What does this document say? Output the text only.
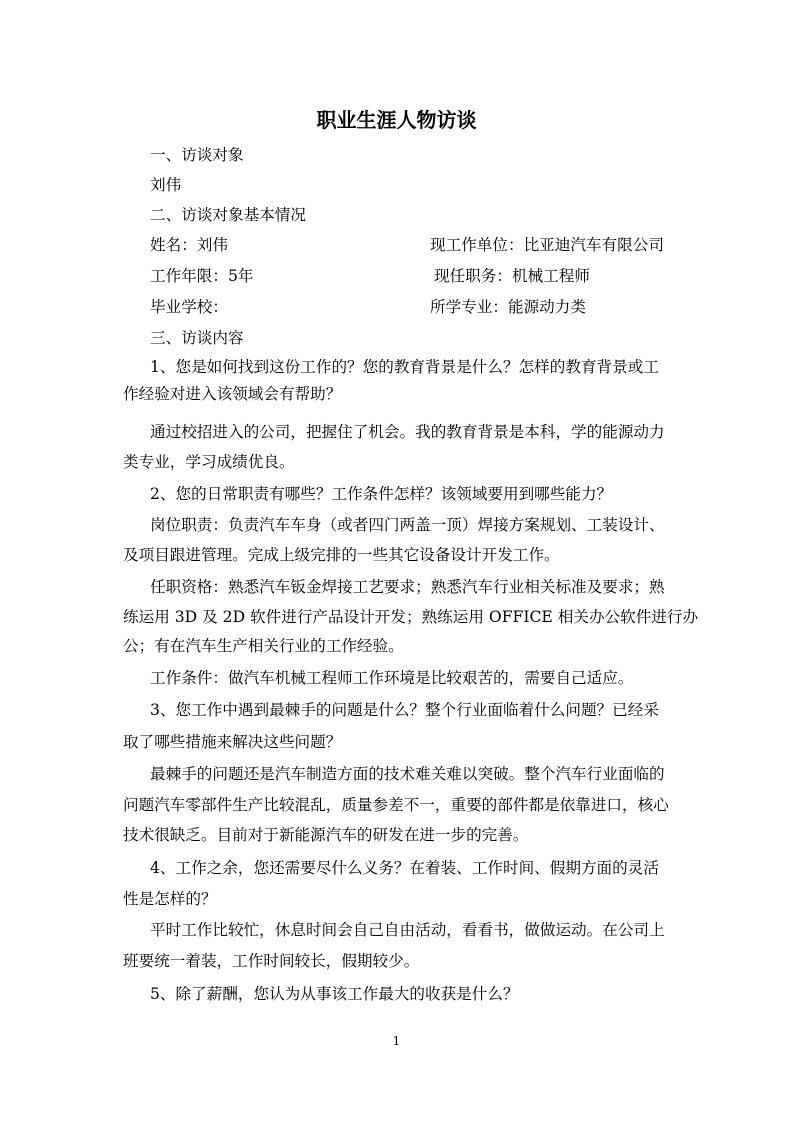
职业生涯人物访谈
一、访谈对象
刘伟
二、访谈对象基本情况
姓名：刘伟	现工作单位：比亚迪汽车有限公司
工作年限：5年	现任职务：机械工程师
毕业学校：	所学专业：能源动力类
三、访谈内容
1、您是如何找到这份工作的？您的教育背景是什么？怎样的教育背景或工
作经验对进入该领域会有帮助？
通过校招进入的公司，把握住了机会。我的教育背景是本科，学的能源动力
类专业，学习成绩优良。
2、您的日常职责有哪些？工作条件怎样？该领域要用到哪些能力？
岗位职责：负责汽车车身（或者四门两盖一顶）焊接方案规划、工装设计、
及项目跟进管理。完成上级完排的一些其它设备设计开发工作。
任职资格：熟悉汽车钣金焊接工艺要求；熟悉汽车行业相关标准及要求；熟
练运用 3D 及 2D 软件进行产品设计开发；熟练运用 OFFICE 相关办公软件进行办
公；有在汽车生产相关行业的工作经验。
工作条件：做汽车机械工程师工作环境是比较艰苦的，需要自己适应。
3、您工作中遇到最棘手的问题是什么？整个行业面临着什么问题？已经采
取了哪些措施来解决这些问题？
最棘手的问题还是汽车制造方面的技术难关难以突破。整个汽车行业面临的
问题汽车零部件生产比较混乱，质量参差不一，重要的部件都是依靠进口，核心
技术很缺乏。目前对于新能源汽车的研发在进一步的完善。
4、工作之余，您还需要尽什么义务？在着装、工作时间、假期方面的灵活
性是怎样的？
平时工作比较忙，休息时间会自己自由活动，看看书，做做运动。在公司上
班要统一着装，工作时间较长，假期较少。
5、除了薪酬，您认为从事该工作最大的收获是什么？
1
